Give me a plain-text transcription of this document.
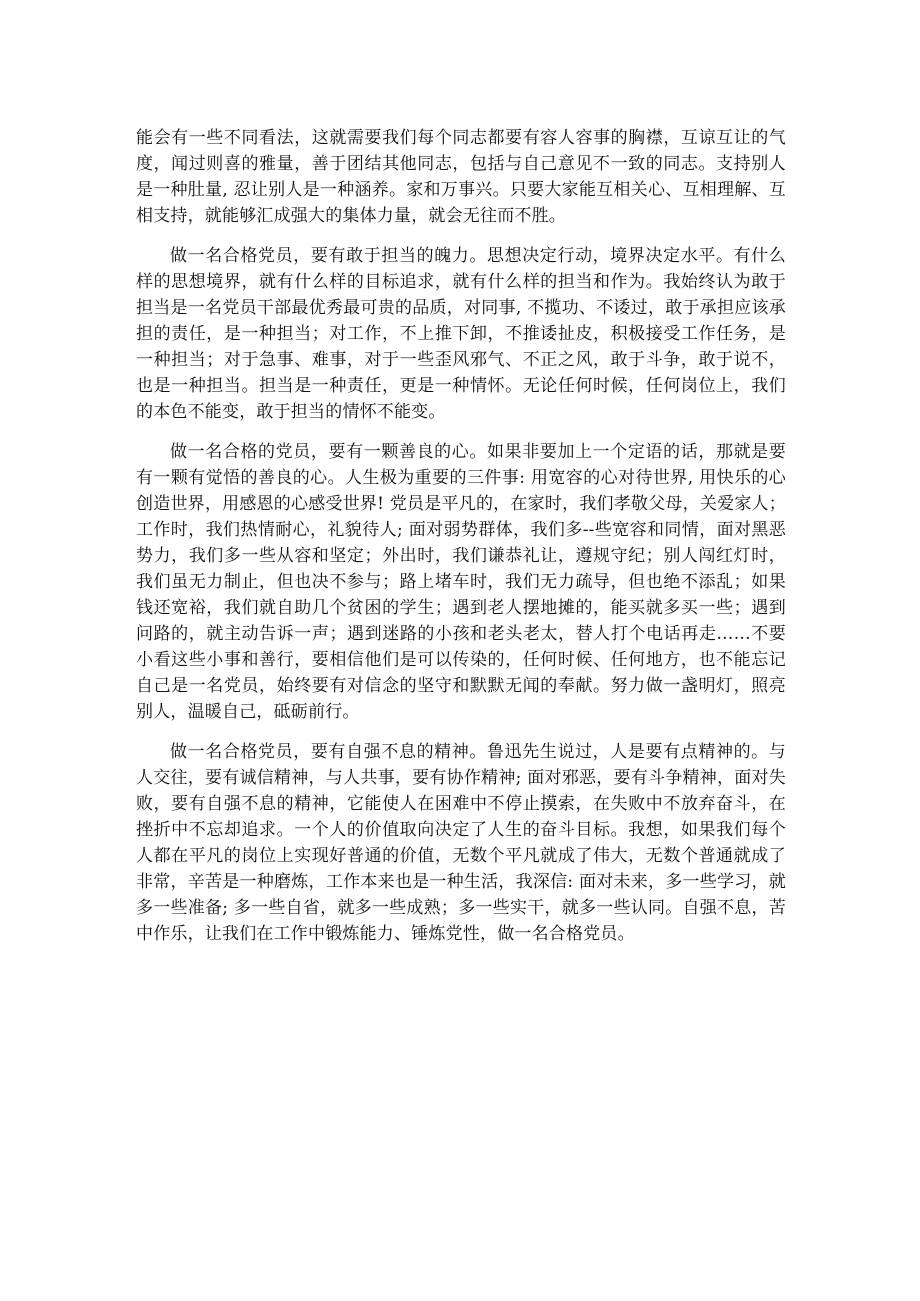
能会有一些不同看法，这就需要我们每个同志都要有容人容事的胸襟，互谅互让的气度，闻过则喜的雅量，善于团结其他同志，包括与自己意见不一致的同志。支持别人是一种肚量, 忍让别人是一种涵养。家和万事兴。只要大家能互相关心、互相理解、互相支持，就能够汇成强大的集体力量，就会无往而不胜。

做一名合格党员，要有敢于担当的魄力。思想决定行动，境界决定水平。有什么样的思想境界，就有什么样的目标追求，就有什么样的担当和作为。我始终认为敢于担当是一名党员干部最优秀最可贵的品质，对同事, 不揽功、不诿过，敢于承担应该承担的责任，是一种担当；对工作，不上推下卸，不推诿扯皮，积极接受工作任务，是一种担当；对于急事、难事，对于一些歪风邪气、不正之风，敢于斗争，敢于说不，也是一种担当。担当是一种责任，更是一种情怀。无论任何时候，任何岗位上，我们的本色不能变，敢于担当的情怀不能变。

做一名合格的党员，要有一颗善良的心。如果非要加上一个定语的话，那就是要有一颗有觉悟的善良的心。人生极为重要的三件事: 用宽容的心对待世界, 用快乐的心创造世界，用感恩的心感受世界! 党员是平凡的，在家时，我们孝敬父母，关爱家人；工作时，我们热情耐心，礼貌待人; 面对弱势群体，我们多--些宽容和同情，面对黑恶势力，我们多一些从容和坚定；外出时，我们谦恭礼让，遵规守纪；别人闯红灯时，我们虽无力制止，但也决不参与；路上堵车时，我们无力疏导，但也绝不添乱；如果钱还宽裕，我们就自助几个贫困的学生；遇到老人摆地摊的，能买就多买一些；遇到问路的，就主动告诉一声；遇到迷路的小孩和老头老太，替人打个电话再走……不要小看这些小事和善行，要相信他们是可以传染的，任何时候、任何地方，也不能忘记自己是一名党员，始终要有对信念的坚守和默默无闻的奉献。努力做一盏明灯，照亮别人，温暖自己，砥砺前行。

做一名合格党员，要有自强不息的精神。鲁迅先生说过，人是要有点精神的。与人交往，要有诚信精神，与人共事，要有协作精神; 面对邪恶，要有斗争精神，面对失败，要有自强不息的精神，它能使人在困难中不停止摸索，在失败中不放弃奋斗，在挫折中不忘却追求。一个人的价值取向决定了人生的奋斗目标。我想，如果我们每个人都在平凡的岗位上实现好普通的价值，无数个平凡就成了伟大，无数个普通就成了非常，辛苦是一种磨炼，工作本来也是一种生活，我深信: 面对未来，多一些学习，就多一些准备; 多一些自省，就多一些成熟；多一些实干，就多一些认同。自强不息，苦中作乐，让我们在工作中锻炼能力、锤炼党性，做一名合格党员。
